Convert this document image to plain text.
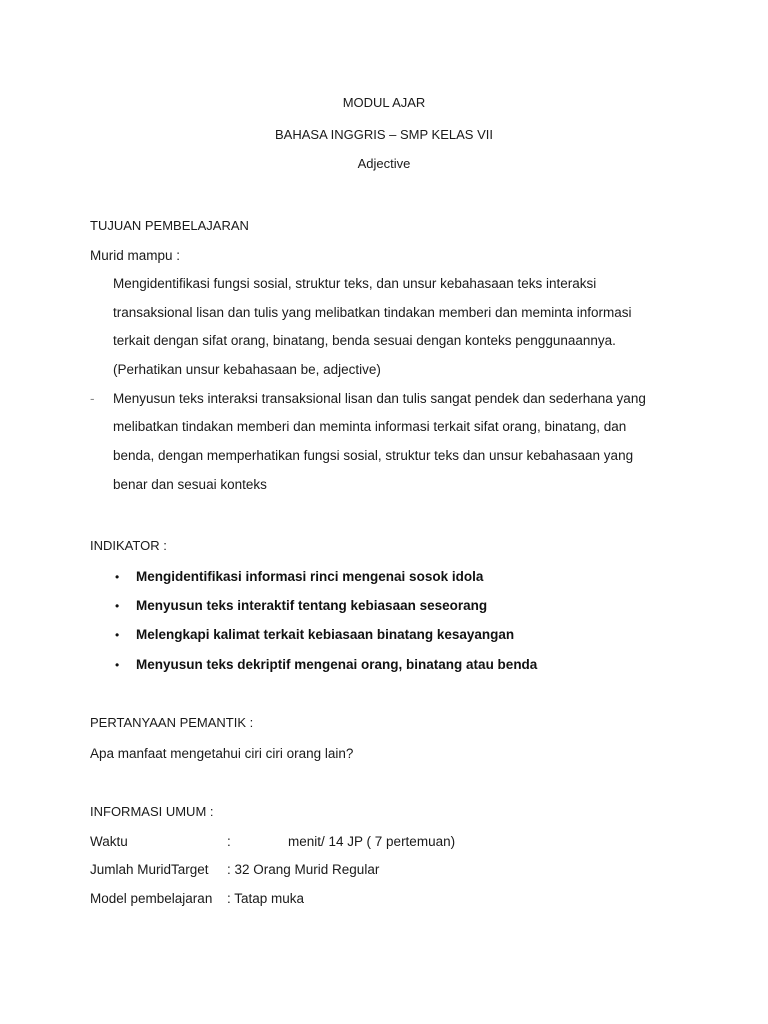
MODUL AJAR
BAHASA INGGRIS – SMP KELAS VII
Adjective
TUJUAN PEMBELAJARAN
Murid mampu :
Mengidentifikasi fungsi sosial, struktur teks, dan unsur kebahasaan teks interaksi
transaksional lisan dan tulis yang melibatkan tindakan memberi dan meminta informasi
terkait dengan sifat orang, binatang, benda sesuai dengan konteks penggunaannya.
(Perhatikan unsur kebahasaan be, adjective)
- Menyusun teks interaksi transaksional lisan dan tulis sangat pendek dan sederhana yang
melibatkan tindakan memberi dan meminta informasi terkait sifat orang, binatang, dan
benda, dengan memperhatikan fungsi sosial, struktur teks dan unsur kebahasaan yang
benar dan sesuai konteks
INDIKATOR :
• Mengidentifikasi informasi rinci mengenai sosok idola
• Menyusun teks interaktif tentang kebiasaan seseorang
• Melengkapi kalimat terkait kebiasaan binatang kesayangan
• Menyusun teks dekriptif mengenai orang, binatang atau benda
PERTANYAAN PEMANTIK :
Apa manfaat mengetahui ciri ciri orang lain?
INFORMASI UMUM :
Waktu	:	menit/ 14 JP ( 7 pertemuan)
Jumlah MuridTarget : 32 Orang Murid Regular
Model pembelajaran : Tatap muka
